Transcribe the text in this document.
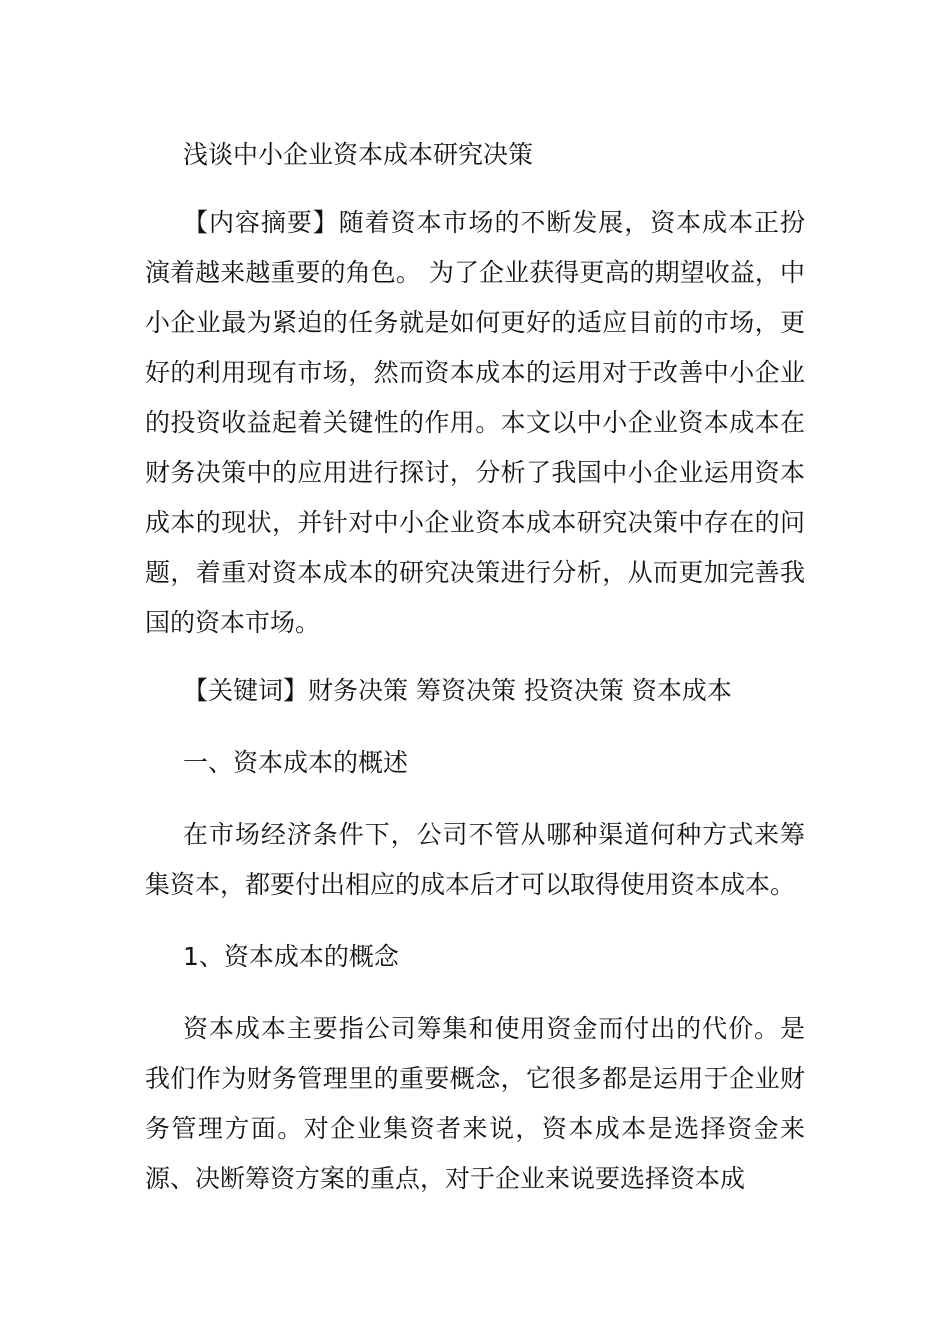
浅谈中小企业资本成本研究决策

【内容摘要】随着资本市场的不断发展，资本成本正扮演着越来越重要的角色。 为了企业获得更高的期望收益，中小企业最为紧迫的任务就是如何更好的适应目前的市场，更好的利用现有市场，然而资本成本的运用对于改善中小企业的投资收益起着关键性的作用。本文以中小企业资本成本在财务决策中的应用进行探讨，分析了我国中小企业运用资本成本的现状，并针对中小企业资本成本研究决策中存在的问题，着重对资本成本的研究决策进行分析，从而更加完善我国的资本市场。

【关键词】财务决策 筹资决策 投资决策 资本成本

一、资本成本的概述

在市场经济条件下，公司不管从哪种渠道何种方式来筹集资本，都要付出相应的成本后才可以取得使用资本成本。

1、资本成本的概念

资本成本主要指公司筹集和使用资金而付出的代价。是我们作为财务管理里的重要概念，它很多都是运用于企业财务管理方面。对企业集资者来说，资本成本是选择资金来源、决断筹资方案的重点，对于企业来说要选择资本成
